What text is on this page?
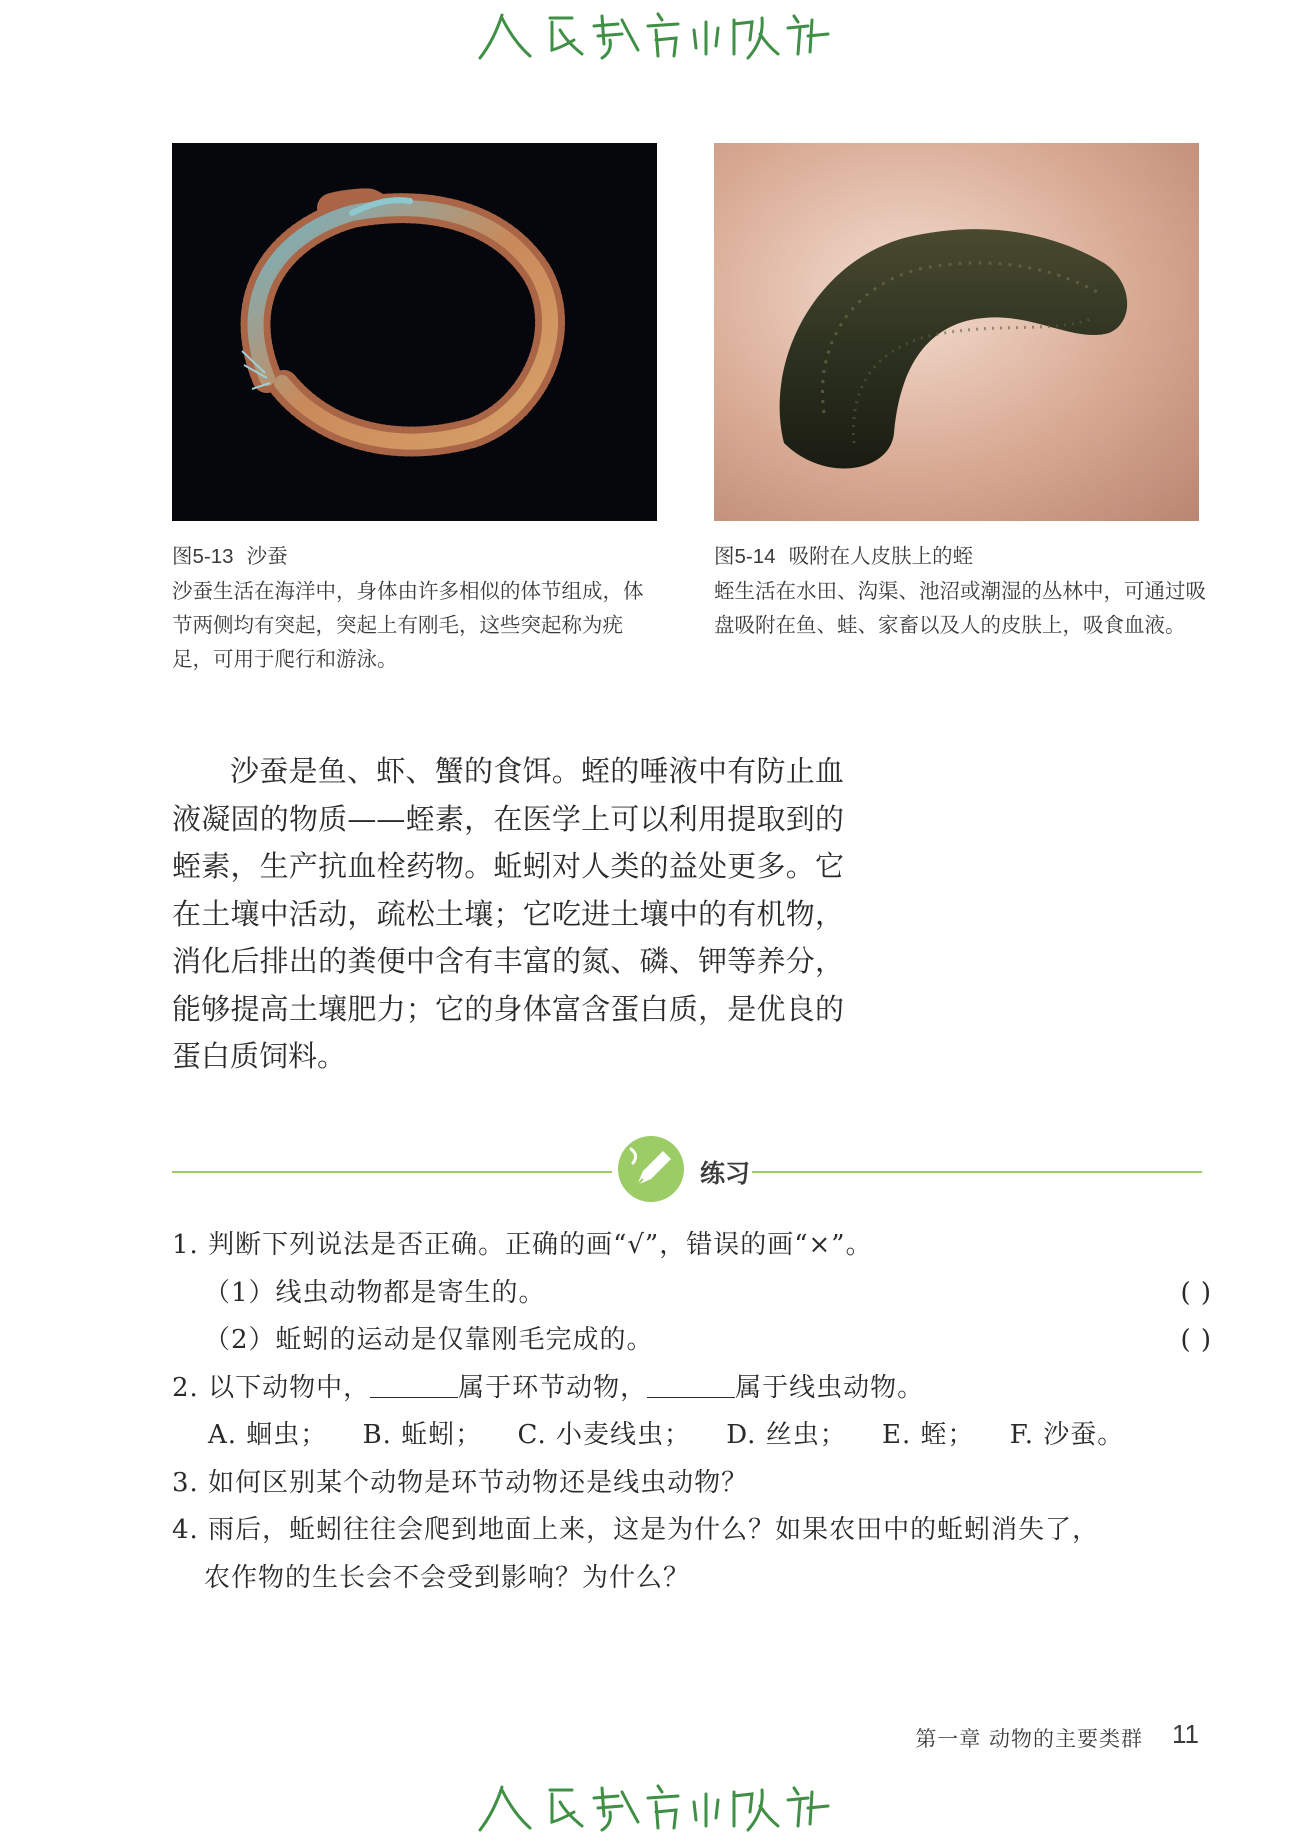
图5-13 沙蚕
沙蚕生活在海洋中，身体由许多相似的体节组成，体节两侧均有突起，突起上有刚毛，这些突起称为疣足，可用于爬行和游泳。
图5-14 吸附在人皮肤上的蛭
蛭生活在水田、沟渠、池沼或潮湿的丛林中，可通过吸盘吸附在鱼、蛙、家畜以及人的皮肤上，吸食血液。

沙蚕是鱼、虾、蟹的食饵。蛭的唾液中有防止血液凝固的物质——蛭素，在医学上可以利用提取到的蛭素，生产抗血栓药物。蚯蚓对人类的益处更多。它在土壤中活动，疏松土壤；它吃进土壤中的有机物，消化后排出的粪便中含有丰富的氮、磷、钾等养分，能够提高土壤肥力；它的身体富含蛋白质，是优良的蛋白质饲料。

练习
1. 判断下列说法是否正确。正确的画“√”，错误的画“×”。
（1）线虫动物都是寄生的。	( )
（2）蚯蚓的运动是仅靠刚毛完成的。	( )
2. 以下动物中，	属于环节动物，	属于线虫动物。
A. 蛔虫； B. 蚯蚓； C. 小麦线虫； D. 丝虫； E. 蛭； F. 沙蚕。
3. 如何区别某个动物是环节动物还是线虫动物？
4. 雨后，蚯蚓往往会爬到地面上来，这是为什么？如果农田中的蚯蚓消失了，
农作物的生长会不会受到影响？为什么？
第一章 动物的主要类群 11
